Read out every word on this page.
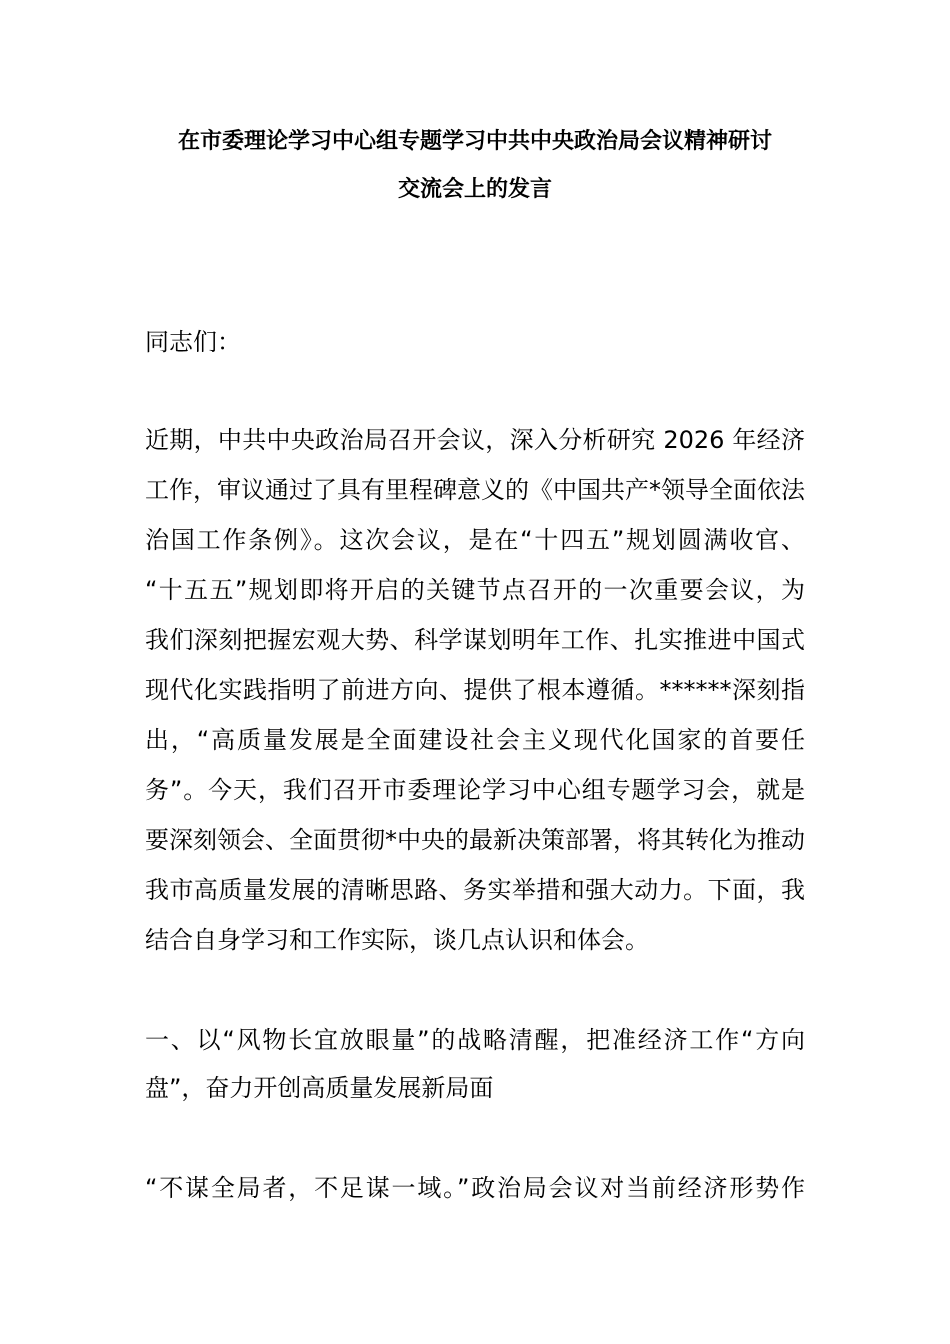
在市委理论学习中心组专题学习中共中央政治局会议精神研讨
交流会上的发言
同志们：
近期，中共中央政治局召开会议，深入分析研究 2026 年经济
工作，审议通过了具有里程碑意义的《中国共产*领导全面依法
治国工作条例》。这次会议，是在“十四五”规划圆满收官、
“十五五”规划即将开启的关键节点召开的一次重要会议，为
我们深刻把握宏观大势、科学谋划明年工作、扎实推进中国式
现代化实践指明了前进方向、提供了根本遵循。******深刻指
出，“高质量发展是全面建设社会主义现代化国家的首要任
务”。今天，我们召开市委理论学习中心组专题学习会，就是
要深刻领会、全面贯彻*中央的最新决策部署，将其转化为推动
我市高质量发展的清晰思路、务实举措和强大动力。下面，我
结合自身学习和工作实际，谈几点认识和体会。
一、以“风物长宜放眼量”的战略清醒，把准经济工作“方向
盘”，奋力开创高质量发展新局面
“不谋全局者，不足谋一域。”政治局会议对当前经济形势作
